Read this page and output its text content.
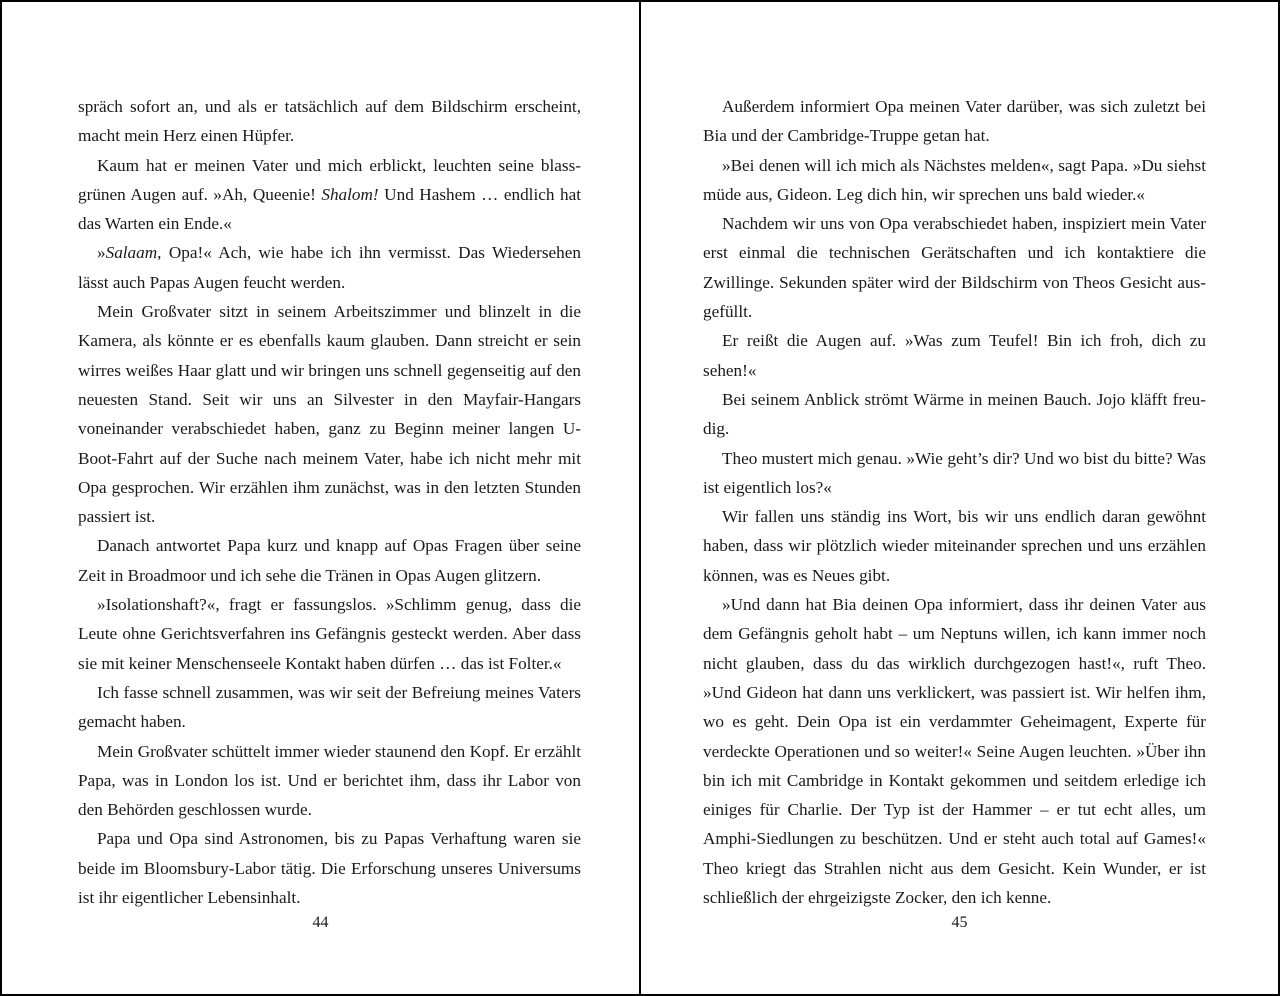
spräch sofort an, und als er tatsächlich auf dem Bildschirm erscheint, macht mein Herz einen Hüpfer.

Kaum hat er meinen Vater und mich erblickt, leuchten seine blassgrünen Augen auf. »Ah, Queenie! Shalom! Und Hashem … endlich hat das Warten ein Ende.«

»Salaam, Opa!« Ach, wie habe ich ihn vermisst. Das Wiedersehen lässt auch Papas Augen feucht werden.

Mein Großvater sitzt in seinem Arbeitszimmer und blinzelt in die Kamera, als könnte er es ebenfalls kaum glauben. Dann streicht er sein wirres weißes Haar glatt und wir bringen uns schnell gegenseitig auf den neuesten Stand. Seit wir uns an Silvester in den Mayfair-Hangars voneinander verabschiedet haben, ganz zu Beginn meiner langen U-Boot-Fahrt auf der Suche nach meinem Vater, habe ich nicht mehr mit Opa gesprochen. Wir erzählen ihm zunächst, was in den letzten Stunden passiert ist.

Danach antwortet Papa kurz und knapp auf Opas Fragen über seine Zeit in Broadmoor und ich sehe die Tränen in Opas Augen glitzern.

»Isolationshaft?«, fragt er fassungslos. »Schlimm genug, dass die Leute ohne Gerichtsverfahren ins Gefängnis gesteckt werden. Aber dass sie mit keiner Menschenseele Kontakt haben dürfen … das ist Folter.«

Ich fasse schnell zusammen, was wir seit der Befreiung meines Vaters gemacht haben.

Mein Großvater schüttelt immer wieder staunend den Kopf. Er erzählt Papa, was in London los ist. Und er berichtet ihm, dass ihr Labor von den Behörden geschlossen wurde.

Papa und Opa sind Astronomen, bis zu Papas Verhaftung waren sie beide im Bloomsbury-Labor tätig. Die Erforschung unseres Universums ist ihr eigentlicher Lebensinhalt.

44

Außerdem informiert Opa meinen Vater darüber, was sich zuletzt bei Bia und der Cambridge-Truppe getan hat.

»Bei denen will ich mich als Nächstes melden«, sagt Papa. »Du siehst müde aus, Gideon. Leg dich hin, wir sprechen uns bald wieder.«

Nachdem wir uns von Opa verabschiedet haben, inspiziert mein Vater erst einmal die technischen Gerätschaften und ich kontaktiere die Zwillinge. Sekunden später wird der Bildschirm von Theos Gesicht ausgefüllt.

Er reißt die Augen auf. »Was zum Teufel! Bin ich froh, dich zu sehen!«

Bei seinem Anblick strömt Wärme in meinen Bauch. Jojo kläfft freudig.

Theo mustert mich genau. »Wie geht’s dir? Und wo bist du bitte? Was ist eigentlich los?«

Wir fallen uns ständig ins Wort, bis wir uns endlich daran gewöhnt haben, dass wir plötzlich wieder miteinander sprechen und uns erzählen können, was es Neues gibt.

»Und dann hat Bia deinen Opa informiert, dass ihr deinen Vater aus dem Gefängnis geholt habt – um Neptuns willen, ich kann immer noch nicht glauben, dass du das wirklich durchgezogen hast!«, ruft Theo. »Und Gideon hat dann uns verklickert, was passiert ist. Wir helfen ihm, wo es geht. Dein Opa ist ein verdammter Geheimagent, Experte für verdeckte Operationen und so weiter!« Seine Augen leuchten. »Über ihn bin ich mit Cambridge in Kontakt gekommen und seitdem erledige ich einiges für Charlie. Der Typ ist der Hammer – er tut echt alles, um Amphi-Siedlungen zu beschützen. Und er steht auch total auf Games!« Theo kriegt das Strahlen nicht aus dem Gesicht. Kein Wunder, er ist schließlich der ehrgeizigste Zocker, den ich kenne.

45
